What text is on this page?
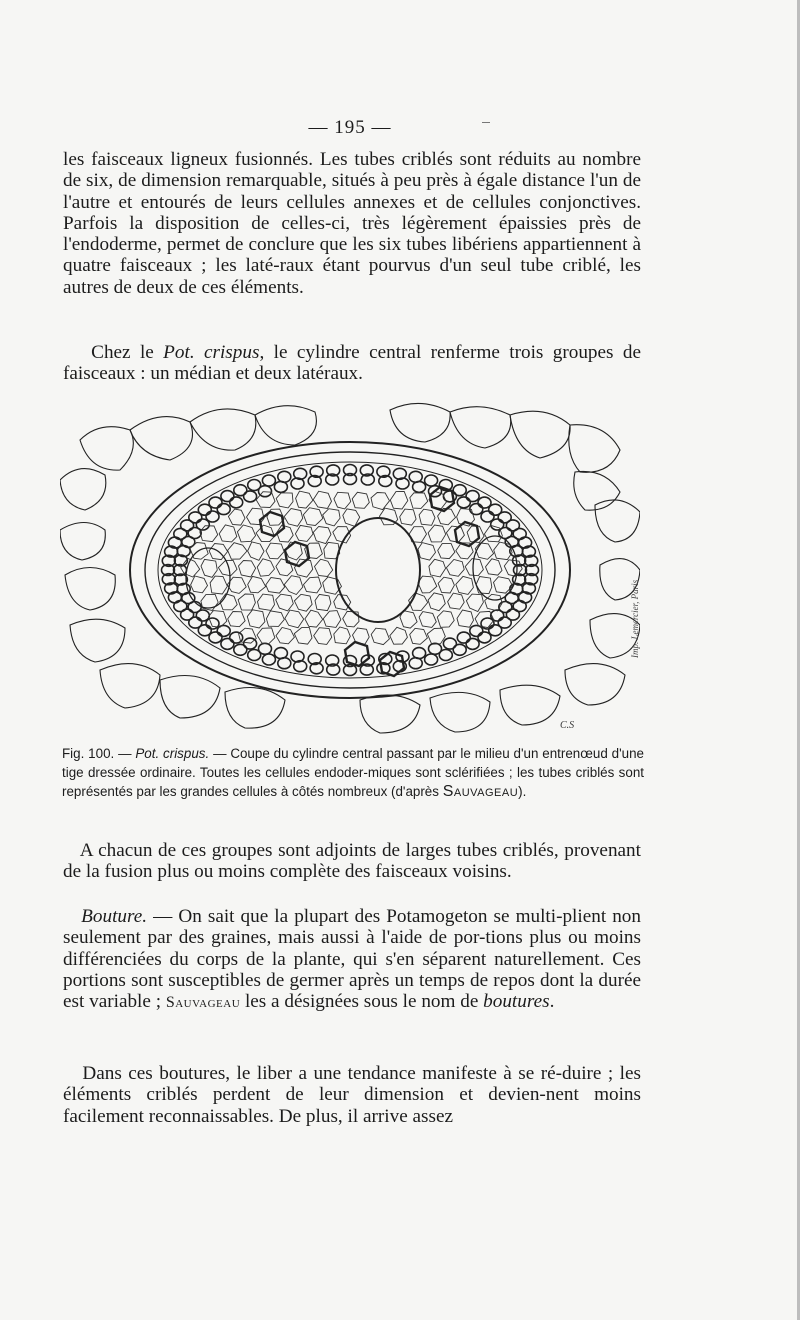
— 195 —

les faisceaux ligneux fusionnés. Les tubes criblés sont réduits au nombre de six, de dimension remarquable, situés à peu près à égale distance l'un de l'autre et entourés de leurs cellules annexes et de cellules conjonctives. Parfois la disposition de celles-ci, très légèrement épaissies près de l'endoderme, permet de conclure que les six tubes libériens appartiennent à quatre faisceaux ; les laté-raux étant pourvus d'un seul tube criblé, les autres de deux de ces éléments.

Chez le Pot. crispus, le cylindre central renferme trois groupes de faisceaux : un médian et deux latéraux.

C.S
Imp. Lemercier, Paris

Fig. 100. — Pot. crispus. — Coupe du cylindre central passant par le milieu d'un entrenœud d'une tige dressée ordinaire. Toutes les cellules endoder-miques sont sclérifiées ; les tubes criblés sont représentés par les grandes cellules à côtés nombreux (d'après Sauvageau).

A chacun de ces groupes sont adjoints de larges tubes criblés, provenant de la fusion plus ou moins complète des faisceaux voisins.

Bouture. — On sait que la plupart des Potamogeton se multi-plient non seulement par des graines, mais aussi à l'aide de por-tions plus ou moins différenciées du corps de la plante, qui s'en séparent naturellement. Ces portions sont susceptibles de germer après un temps de repos dont la durée est variable ; Sauvageau les a désignées sous le nom de boutures.

Dans ces boutures, le liber a une tendance manifeste à se ré-duire ; les éléments criblés perdent de leur dimension et devien-nent moins facilement reconnaissables. De plus, il arrive assez
